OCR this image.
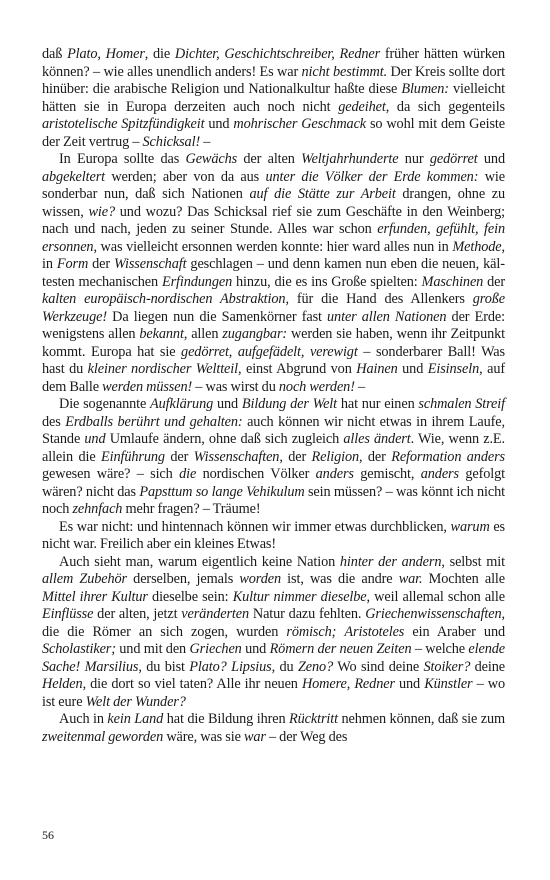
daß Plato, Homer, die Dichter, Geschichtschreiber, Redner früher hätten würken können? – wie alles unendlich anders! Es war nicht bestimmt. Der Kreis sollte dort hinüber: die arabische Religion und Nationalkultur haßte diese Blumen: vielleicht hätten sie in Europa derzeiten auch noch nicht gedeihet, da sich gegenteils aristotelische Spitzfündigkeit und mohrischer Geschmack so wohl mit dem Geiste der Zeit vertrug – Schicksal! –

In Europa sollte das Gewächs der alten Weltjahrhunderte nur gedörret und abgekeltert werden; aber von da aus unter die Völker der Erde kommen: wie sonderbar nun, daß sich Nationen auf die Stätte zur Arbeit drangen, ohne zu wissen, wie? und wozu? Das Schicksal rief sie zum Geschäfte in den Weinberg; nach und nach, jeden zu seiner Stunde. Alles war schon erfunden, gefühlt, fein ersonnen, was vielleicht ersonnen werden konnte: hier ward alles nun in Methode, in Form der Wissenschaft geschlagen – und denn kamen nun eben die neuen, kältesten mechanischen Erfindungen hinzu, die es ins Große spielten: Maschinen der kalten europäisch-nordischen Abstraktion, für die Hand des Allenkers große Werkzeuge! Da liegen nun die Samenkörner fast unter allen Nationen der Erde: wenigstens allen bekannt, allen zugangbar: werden sie haben, wenn ihr Zeitpunkt kommt. Europa hat sie gedörret, aufgefädelt, verewigt – sonderbarer Ball! Was hast du kleiner nordischer Weltteil, einst Abgrund von Hainen und Eisinseln, auf dem Balle werden müssen! – was wirst du noch werden! –

Die sogenannte Aufklärung und Bildung der Welt hat nur einen schmalen Streif des Erdballs berührt und gehalten: auch können wir nicht etwas in ihrem Laufe, Stande und Umlaufe ändern, ohne daß sich zugleich alles ändert. Wie, wenn z.E. allein die Einführung der Wissenschaften, der Religion, der Reformation anders gewesen wäre? – sich die nordischen Völker anders gemischt, anders gefolgt wären? nicht das Papsttum so lange Vehikulum sein müssen? – was könnt ich nicht noch zehnfach mehr fragen? – Träume!

Es war nicht: und hintennach können wir immer etwas durchblicken, warum es nicht war. Freilich aber ein kleines Etwas!

Auch sieht man, warum eigentlich keine Nation hinter der andern, selbst mit allem Zubehör derselben, jemals worden ist, was die andre war. Mochten alle Mittel ihrer Kultur dieselbe sein: Kultur nimmer dieselbe, weil allemal schon alle Einflüsse der alten, jetzt veränderten Natur dazu fehlten. Griechenwissenschaften, die die Römer an sich zogen, wurden römisch; Aristoteles ein Araber und Scholastiker; und mit den Griechen und Römern der neuen Zeiten – welche elende Sache! Marsilius, du bist Plato? Lipsius, du Zeno? Wo sind deine Stoiker? deine Helden, die dort so viel taten? Alle ihr neuen Homere, Redner und Künstler – wo ist eure Welt der Wunder?

Auch in kein Land hat die Bildung ihren Rücktritt nehmen können, daß sie zum zweitenmal geworden wäre, was sie war – der Weg des

56
